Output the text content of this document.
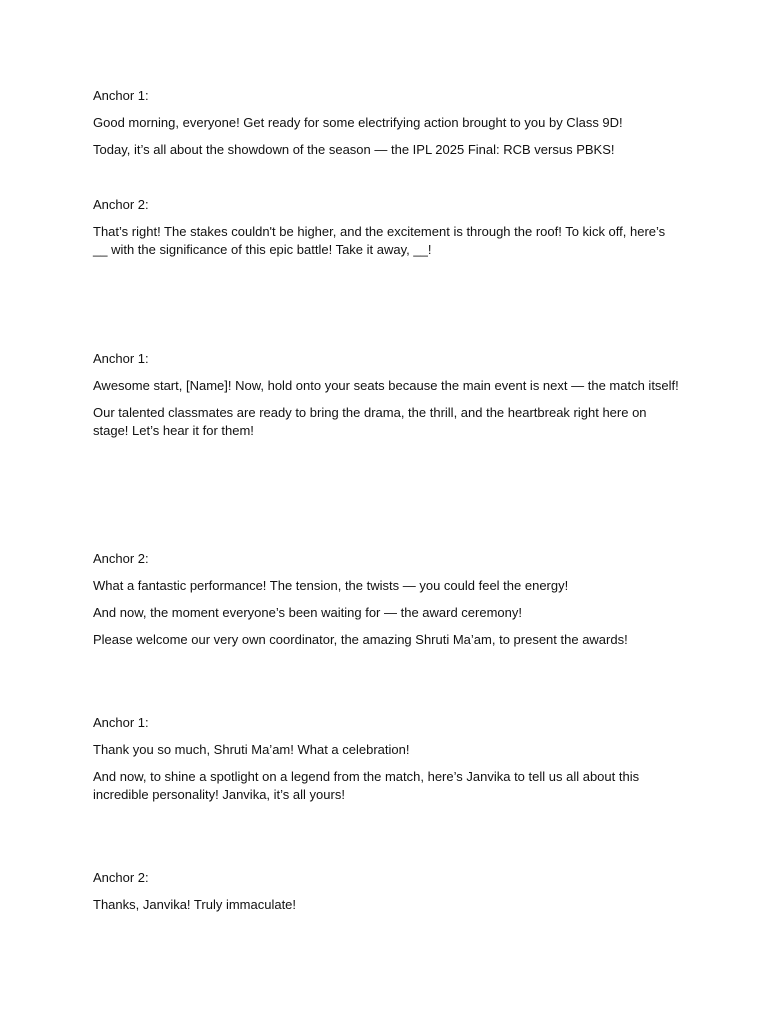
Anchor 1:

Good morning, everyone! Get ready for some electrifying action brought to you by Class 9D!

Today, it’s all about the showdown of the season — the IPL 2025 Final: RCB versus PBKS!

Anchor 2:

That’s right! The stakes couldn't be higher, and the excitement is through the roof! To kick off, here’s __ with the significance of this epic battle! Take it away, __!

Anchor 1:

Awesome start, [Name]! Now, hold onto your seats because the main event is next — the match itself!

Our talented classmates are ready to bring the drama, the thrill, and the heartbreak right here on stage! Let’s hear it for them!

Anchor 2:

What a fantastic performance! The tension, the twists — you could feel the energy!

And now, the moment everyone’s been waiting for — the award ceremony!

Please welcome our very own coordinator, the amazing Shruti Ma’am, to present the awards!

Anchor 1:

Thank you so much, Shruti Ma’am! What a celebration!

And now, to shine a spotlight on a legend from the match, here’s Janvika to tell us all about this incredible personality! Janvika, it’s all yours!

Anchor 2:

Thanks, Janvika! Truly immaculate!
